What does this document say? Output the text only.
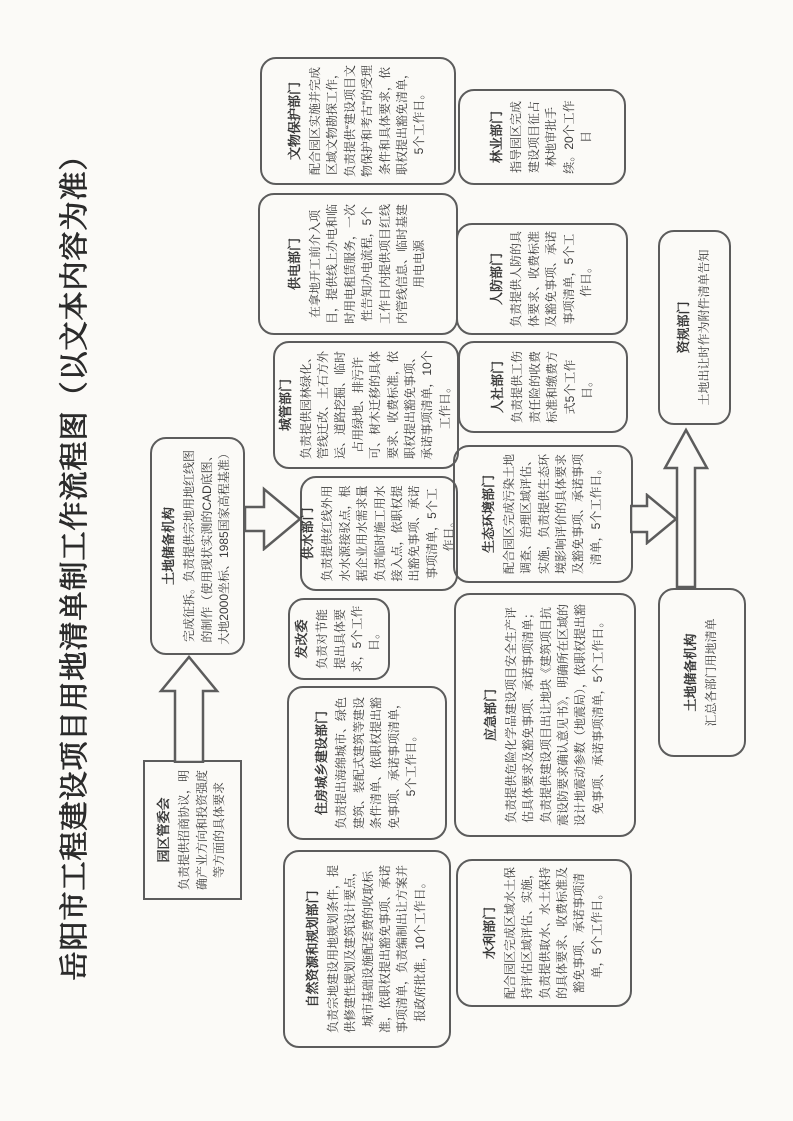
岳阳市工程建设项目用地清单制工作流程图（以文本内容为准）	园区管委会 负责提供招商协议，明确产业方向和投资强度等方面的具体要求
土地储备机构 完成征拆。负责提供宗地用地红线图的制作（使用现状实测的CAD底图、大地2000坐标、1985国家高程基准）
自然资源和规划部门 负责宗地建设用地规划条件，提供修建性规划及建筑设计要点，城市基础设施配套费的收取标准，依职权提出豁免事项、承诺事项清单，负责编制出让方案并报政府批准，10个工作日。
住房城乡建设部门 负责提出海绵城市、绿色建筑、装配式建筑等建设条件清单、依职权提出豁免事项、承诺事项清单，5个工作日。
发改委 负责对节能提出具体要求，5个工作日。
供水部门 负责提供红线外用水水源接驳点，根据企业用水需求量负责临时施工用水接入点，依职权提出豁免事项、承诺事项清单，5个工作日。
城管部门 负责提供园林绿化、管线迁改、土石方外运、道路挖掘、临时占用绿地、排污许可、树木迁移的具体要求、收费标准，依职权提出豁免事项、承诺事项清单，10个工作日。
供电部门 在拿地开工前介入项目，提供线上办电和临时用电租赁服务，一次性告知办电流程，5个工作日内提供项目红线内管线信息、临时基建用电电源
文物保护部门 配合园区实施并完成区域文物勘探工作，负责提供“建设项目文物保护和考古”的受理条件和具体要求，依职权提出豁免清单，5个工作日。
水利部门 配合园区完成区域水土保持评估区域评估、实施，负责提供取水、水土保持的具体要求、收费标准及豁免事项、承诺事项清单，5个工作日。
应急部门 负责提供危险化学品建设项目安全生产评估具体要求及豁免事项、承诺事项清单；负责提供建设项目出让地块《建筑项目抗震设防要求确认意见书》，明确所在区域的设计地震动参数（地震局），依职权提出豁免事项、承诺事项清单，5个工作日。
生态环境部门 配合园区完成污染土地调查、治理区域评估、实施，负责提供生态环境影响评价的具体要求及豁免事项、承诺事项清单，5个工作日。
人社部门 负责提供工伤责任险的收费标准和缴费方式5个工作日。
人防部门 负责提供人防的具体要求、收费标准及豁免事项、承诺事项清单，5个工作日。
林业部门 指导园区完成建设项目征占林地审批手续。20个工作日
土地储备机构 汇总各部门用地清单
资规部门 土地出让时作为附件清单告知
